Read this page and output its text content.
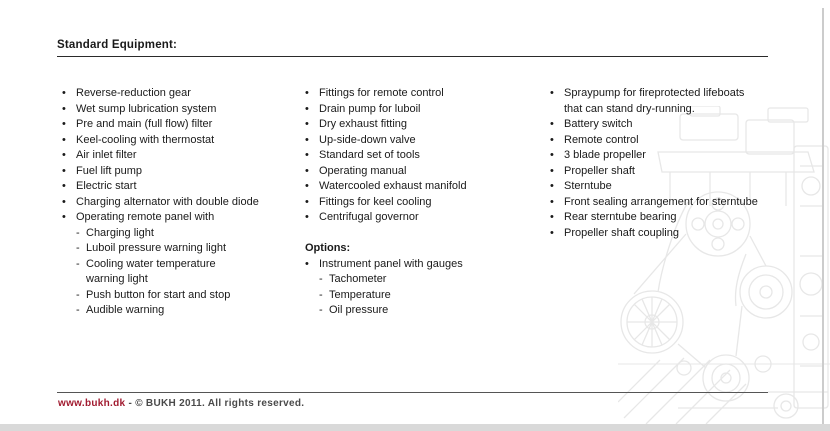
Standard Equipment:
• Reverse-reduction gear
• Wet sump lubrication system
• Pre and main (full flow) filter
• Keel-cooling with thermostat
• Air inlet filter
• Fuel lift pump
• Electric start
• Charging alternator with double diode
• Operating remote panel with
- Charging light
- Luboil pressure warning light
- Cooling water temperature
warning light
- Push button for start and stop
- Audible warning
• Fittings for remote control
• Drain pump for luboil
• Dry exhaust fitting
• Up-side-down valve
• Standard set of tools
• Operating manual
• Watercooled exhaust manifold
• Fittings for keel cooling
• Centrifugal governor
Options:
• Instrument panel with gauges
- Tachometer
- Temperature
- Oil pressure
• Spraypump for fireprotected lifeboats
that can stand dry-running.
• Battery switch
• Remote control
• 3 blade propeller
• Propeller shaft
• Sterntube
• Front sealing arrangement for sterntube
• Rear sterntube bearing
• Propeller shaft coupling
www.bukh.dk - © BUKH 2011. All rights reserved.
